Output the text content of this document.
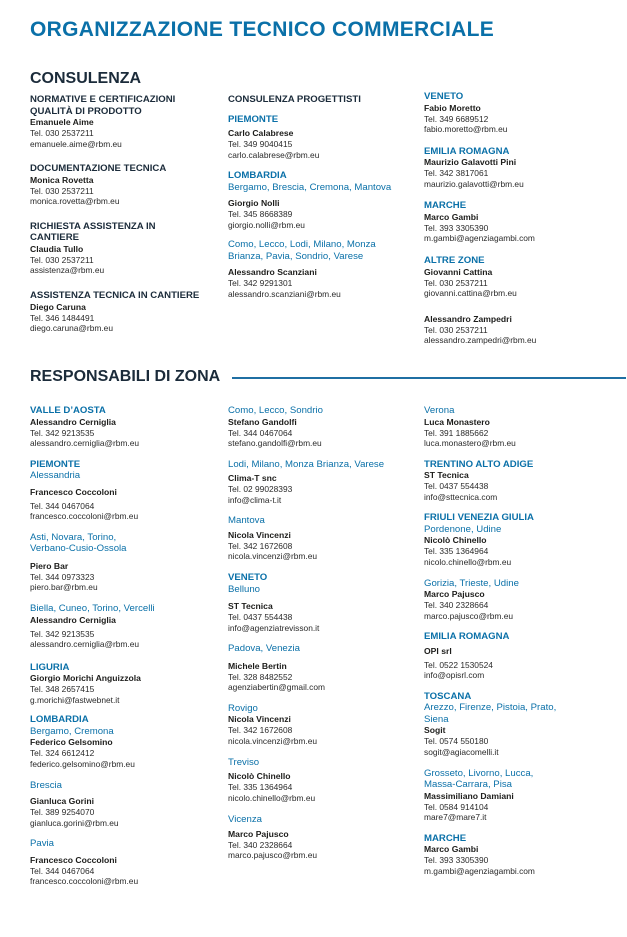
ORGANIZZAZIONE TECNICO COMMERCIALE
CONSULENZA
NORMATIVE E CERTIFICAZIONI QUALITÀ DI PRODOTTO
Emanuele Aime
Tel. 030 2537211
emanuele.aime@rbm.eu
DOCUMENTAZIONE TECNICA
Monica Rovetta
Tel. 030 2537211
monica.rovetta@rbm.eu
RICHIESTA ASSISTENZA IN CANTIERE
Claudia Tullo
Tel. 030 2537211
assistenza@rbm.eu
ASSISTENZA TECNICA IN CANTIERE
Diego Caruna
Tel. 346 1484491
diego.caruna@rbm.eu
CONSULENZA PROGETTISTI
PIEMONTE
Carlo Calabrese
Tel. 349 9040415
carlo.calabrese@rbm.eu
LOMBARDIA
Bergamo, Brescia, Cremona, Mantova
Giorgio Nolli
Tel. 345 8668389
giorgio.nolli@rbm.eu
Como, Lecco, Lodi, Milano, Monza Brianza, Pavia, Sondrio, Varese
Alessandro Scanziani
Tel. 342 9291301
alessandro.scanziani@rbm.eu
VENETO
Fabio Moretto
Tel. 349 6689512
fabio.moretto@rbm.eu
EMILIA ROMAGNA
Maurizio Galavotti Pini
Tel. 342 3817061
maurizio.galavotti@rbm.eu
MARCHE
Marco Gambi
Tel. 393 3305390
m.gambi@agenziagambi.com
ALTRE ZONE
Giovanni Cattina
Tel. 030 2537211
giovanni.cattina@rbm.eu
Alessandro Zampedri
Tel. 030 2537211
alessandro.zampedri@rbm.eu
RESPONSABILI DI ZONA
VALLE D’AOSTA
Alessandro Cerniglia
Tel. 342 9213535
alessandro.cerniglia@rbm.eu
PIEMONTE
Alessandria
Francesco Coccoloni
Tel. 344 0467064
francesco.coccoloni@rbm.eu
Asti, Novara, Torino, Verbano-Cusio-Ossola
Piero Bar
Tel. 344 0973323
piero.bar@rbm.eu
Biella, Cuneo, Torino, Vercelli
Alessandro Cerniglia
Tel. 342 9213535
alessandro.cerniglia@rbm.eu
LIGURIA
Giorgio Morichi Anguizzola
Tel. 348 2657415
g.morichi@fastwebnet.it
LOMBARDIA
Bergamo, Cremona
Federico Gelsomino
Tel. 324 6612412
federico.gelsomino@rbm.eu
Brescia
Gianluca Gorini
Tel. 389 9254070
gianluca.gorini@rbm.eu
Pavia
Francesco Coccoloni
Tel. 344 0467064
francesco.coccoloni@rbm.eu
Como, Lecco, Sondrio
Stefano Gandolfi
Tel. 344 0467064
stefano.gandolfi@rbm.eu
Lodi, Milano, Monza Brianza, Varese
Clima-T snc
Tel. 02 99028393
info@clima-t.it
Mantova
Nicola Vincenzi
Tel. 342 1672608
nicola.vincenzi@rbm.eu
VENETO
Belluno
ST Tecnica
Tel. 0437 554438
info@agenziatrevisson.it
Padova, Venezia
Michele Bertin
Tel. 328 8482552
agenziabertin@gmail.com
Rovigo
Nicola Vincenzi
Tel. 342 1672608
nicola.vincenzi@rbm.eu
Treviso
Nicolò Chinello
Tel. 335 1364964
nicolo.chinello@rbm.eu
Vicenza
Marco Pajusco
Tel. 340 2328664
marco.pajusco@rbm.eu
Verona
Luca Monastero
Tel. 391 1885662
luca.monastero@rbm.eu
TRENTINO ALTO ADIGE
ST Tecnica
Tel. 0437 554438
info@sttecnica.com
FRIULI VENEZIA GIULIA
Pordenone, Udine
Nicolò Chinello
Tel. 335 1364964
nicolo.chinello@rbm.eu
Gorizia, Trieste, Udine
Marco Pajusco
Tel. 340 2328664
marco.pajusco@rbm.eu
EMILIA ROMAGNA
OPI srl
Tel. 0522 1530524
info@opisrl.com
TOSCANA
Arezzo, Firenze, Pistoia, Prato, Siena
Sogit
Tel. 0574 550180
sogit@agiacomelli.it
Grosseto, Livorno, Lucca, Massa-Carrara, Pisa
Massimiliano Damiani
Tel. 0584 914104
mare7@mare7.it
MARCHE
Marco Gambi
Tel. 393 3305390
m.gambi@agenziagambi.com
